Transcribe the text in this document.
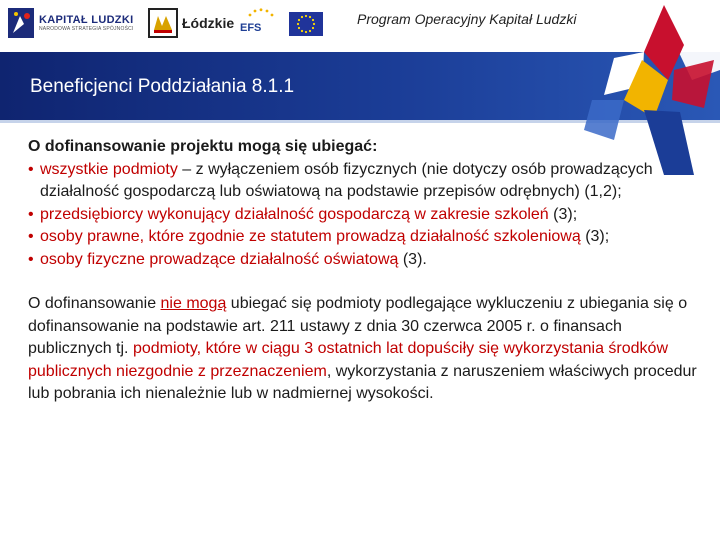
KAPITAŁ LUDZKI
NARODOWA STRATEGIA SPÓJNOŚCI	Łódzkie EFS
Program Operacyjny Kapitał Ludzki
Beneficjenci Poddziałania 8.1.1
O dofinansowanie projektu mogą się ubiegać:
• wszystkie podmioty – z wyłączeniem osób fizycznych (nie dotyczy osób prowadzących działalność gospodarczą lub oświatową na podstawie przepisów odrębnych) (1,2);
• przedsiębiorcy wykonujący działalność gospodarczą w zakresie szkoleń (3);
• osoby prawne, które zgodnie ze statutem prowadzą działalność szkoleniową (3);
• osoby fizyczne prowadzące działalność oświatową (3).
O dofinansowanie nie mogą ubiegać się podmioty podlegające wykluczeniu z ubiegania się o dofinansowanie na podstawie art. 211 ustawy z dnia 30 czerwca 2005 r. o finansach publicznych tj. podmioty, które w ciągu 3 ostatnich lat dopuściły się wykorzystania środków publicznych niezgodnie z przeznaczeniem, wykorzystania z naruszeniem właściwych procedur lub pobrania ich nienależnie lub w nadmiernej wysokości.
